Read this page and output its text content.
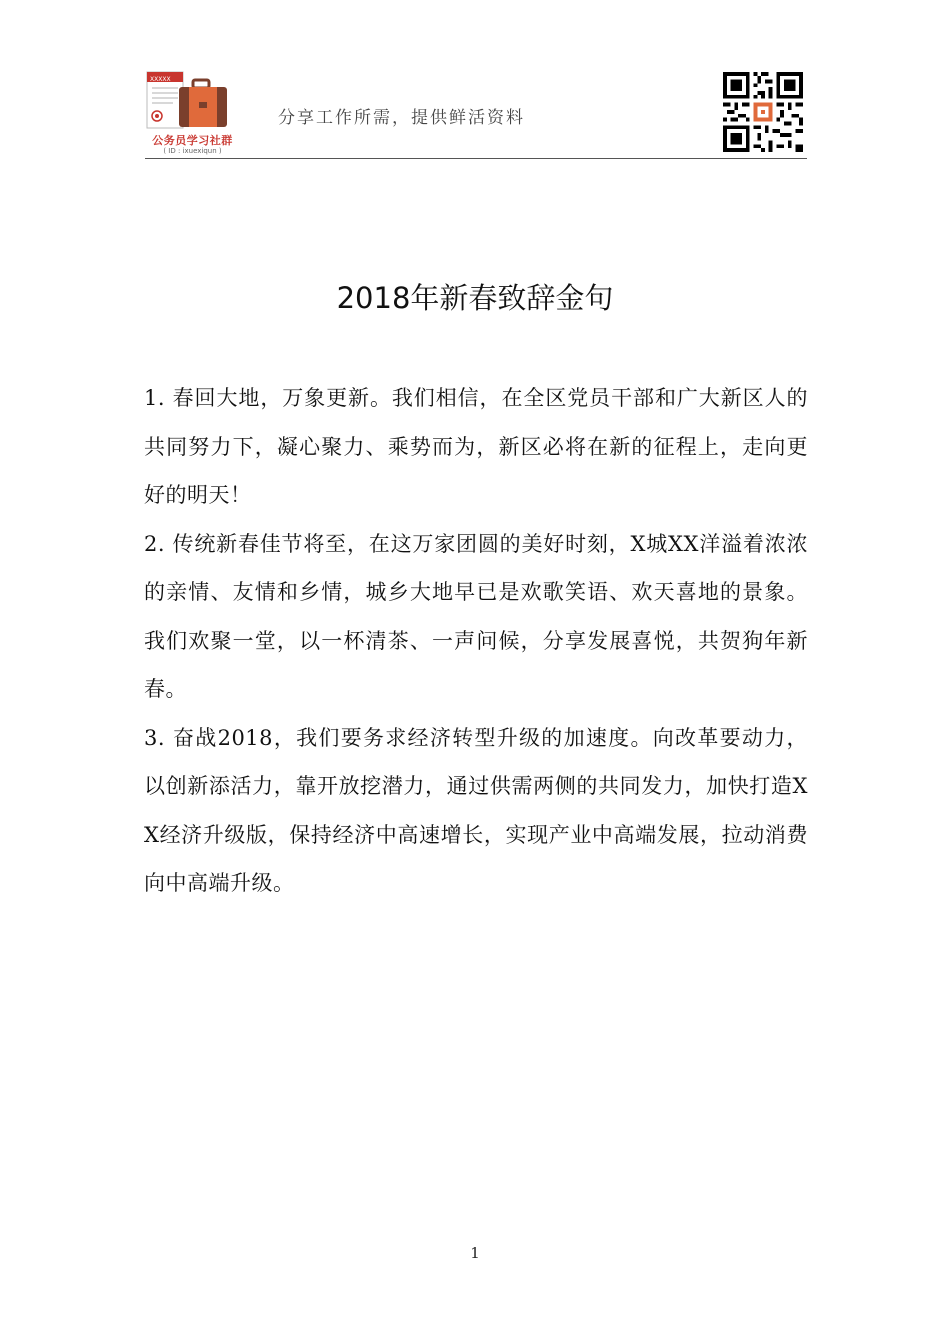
XXXXX
公务员学习社群
( ID : ixuexiqun )
分享工作所需，提供鲜活资料
2018年新春致辞金句

1. 春回大地，万象更新。我们相信，在全区党员干部和广大新区人的共同努力下，凝心聚力、乘势而为，新区必将在新的征程上，走向更好的明天！

2. 传统新春佳节将至，在这万家团圆的美好时刻，X城XX洋溢着浓浓的亲情、友情和乡情，城乡大地早已是欢歌笑语、欢天喜地的景象。我们欢聚一堂，以一杯清茶、一声问候，分享发展喜悦，共贺狗年新春。

3. 奋战2018，我们要务求经济转型升级的加速度。向改革要动力，以创新添活力，靠开放挖潜力，通过供需两侧的共同发力，加快打造XX经济升级版，保持经济中高速增长，实现产业中高端发展，拉动消费向中高端升级。

1
